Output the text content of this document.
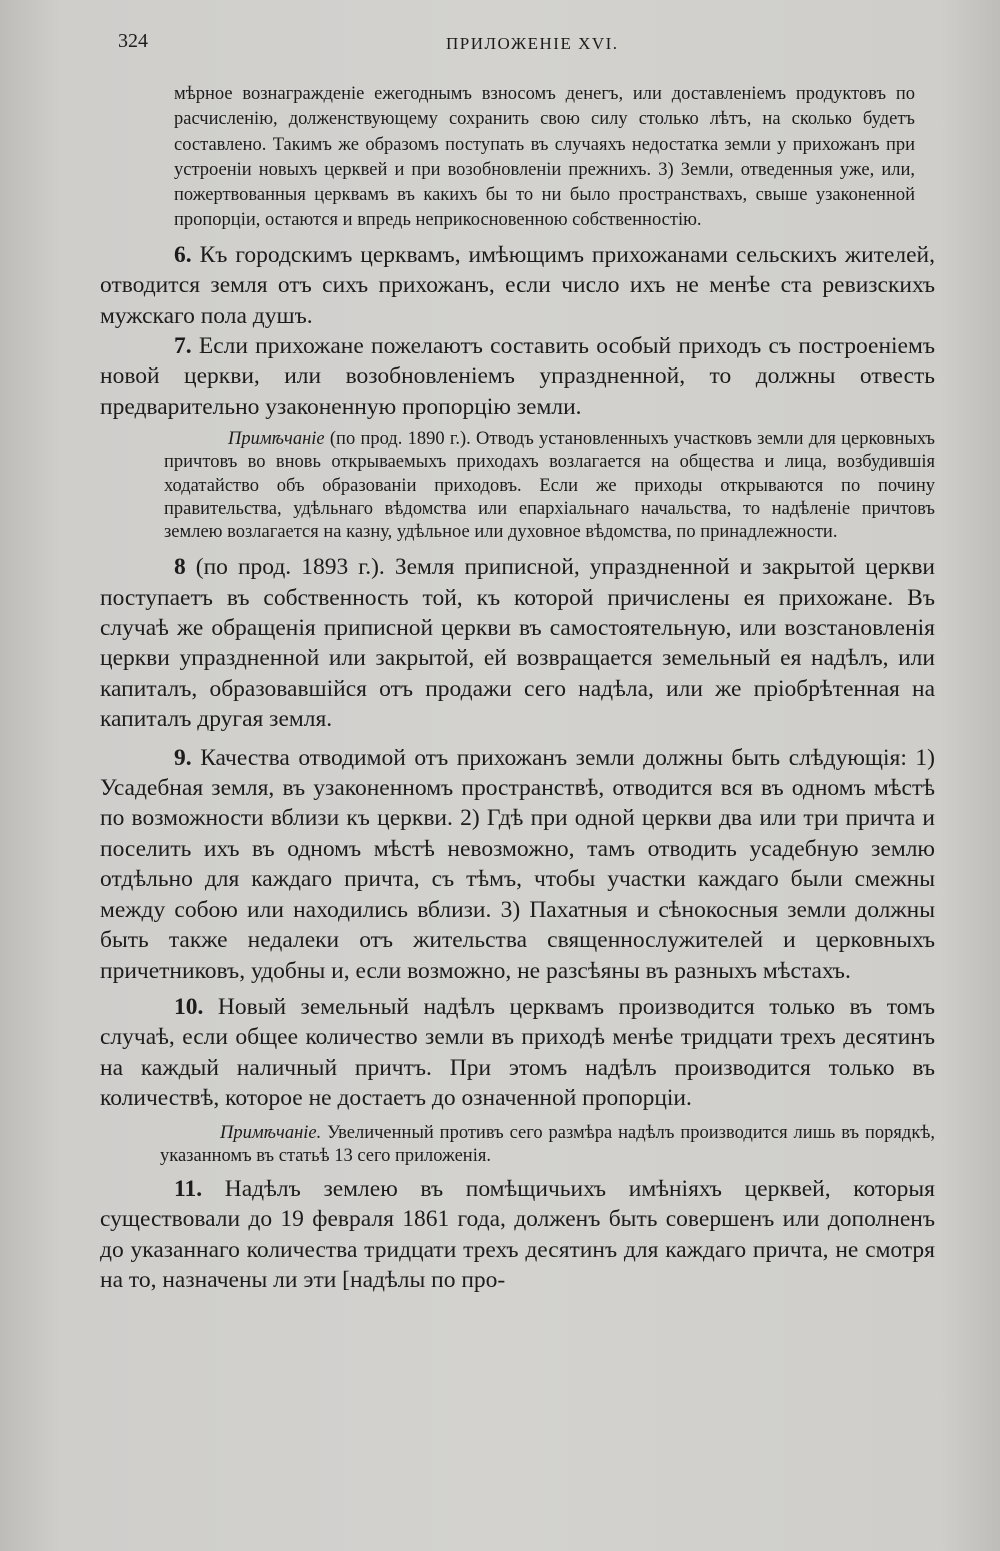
324	ПРИЛОЖЕНІЕ XVI.

мѣрное вознагражденіе ежегоднымъ взносомъ денегъ, или доставленіемъ продуктовъ по расчисленію, долженствующему сохранить свою силу столько лѣтъ, на сколько будетъ составлено. Такимъ же образомъ поступать въ случаяхъ недостатка земли у прихожанъ при устроеніи новыхъ церквей и при возобновленіи прежнихъ. 3) Земли, отведенныя уже, или, пожертвованныя церквамъ въ какихъ бы то ни было пространствахъ, свыше узаконенной пропорціи, остаются и впредь неприкосновенною собственностію.

6. Къ городскимъ церквамъ, имѣющимъ прихожанами сельскихъ жителей, отводится земля отъ сихъ прихожанъ, если число ихъ не менѣе ста ревизскихъ мужскаго пола душъ.

7. Если прихожане пожелаютъ составить особый приходъ съ построеніемъ новой церкви, или возобновленіемъ упраздненной, то должны отвесть предварительно узаконенную пропорцію земли.

Примѣчаніе (по прод. 1890 г.). Отводъ установленныхъ участковъ земли для церковныхъ причтовъ во вновь открываемыхъ приходахъ возлагается на общества и лица, возбудившія ходатайство объ образованіи приходовъ. Если же приходы открываются по почину правительства, удѣльнаго вѣдомства или епархіальнаго начальства, то надѣленіе причтовъ землею возлагается на казну, удѣльное или духовное вѣдомства, по принадлежности.

8 (по прод. 1893 г.). Земля приписной, упраздненной и закрытой церкви поступаетъ въ собственность той, къ которой причислены ея прихожане. Въ случаѣ же обращенія приписной церкви въ самостоятельную, или возстановленія церкви упраздненной или закрытой, ей возвращается земельный ея надѣлъ, или капиталъ, образовавшійся отъ продажи сего надѣла, или же пріобрѣтенная на капиталъ другая земля.

9. Качества отводимой отъ прихожанъ земли должны быть слѣдующія: 1) Усадебная земля, въ узаконенномъ пространствѣ, отводится вся въ одномъ мѣстѣ по возможности вблизи къ церкви. 2) Гдѣ при одной церкви два или три причта и поселить ихъ въ одномъ мѣстѣ невозможно, тамъ отводить усадебную землю отдѣльно для каждаго причта, съ тѣмъ, чтобы участки каждаго были смежны между собою или находились вблизи. 3) Пахатныя и сѣнокосныя земли должны быть также недалеки отъ жительства священнослужителей и церковныхъ причетниковъ, удобны и, если возможно, не разсѣяны въ разныхъ мѣстахъ.

10. Новый земельный надѣлъ церквамъ производится только въ томъ случаѣ, если общее количество земли въ приходѣ менѣе тридцати трехъ десятинъ на каждый наличный причтъ. При этомъ надѣлъ производится только въ количествѣ, которое не достаетъ до означенной пропорціи.

Примѣчаніе. Увеличенный противъ сего размѣра надѣлъ производится лишь въ порядкѣ, указанномъ въ статьѣ 13 сего приложенія.

11. Надѣлъ землею въ помѣщичьихъ имѣніяхъ церквей, которыя существовали до 19 февраля 1861 года, долженъ быть совершенъ или дополненъ до указаннаго количества тридцати трехъ десятинъ для каждаго причта, не смотря на то, назначены ли эти [надѣлы по про-
